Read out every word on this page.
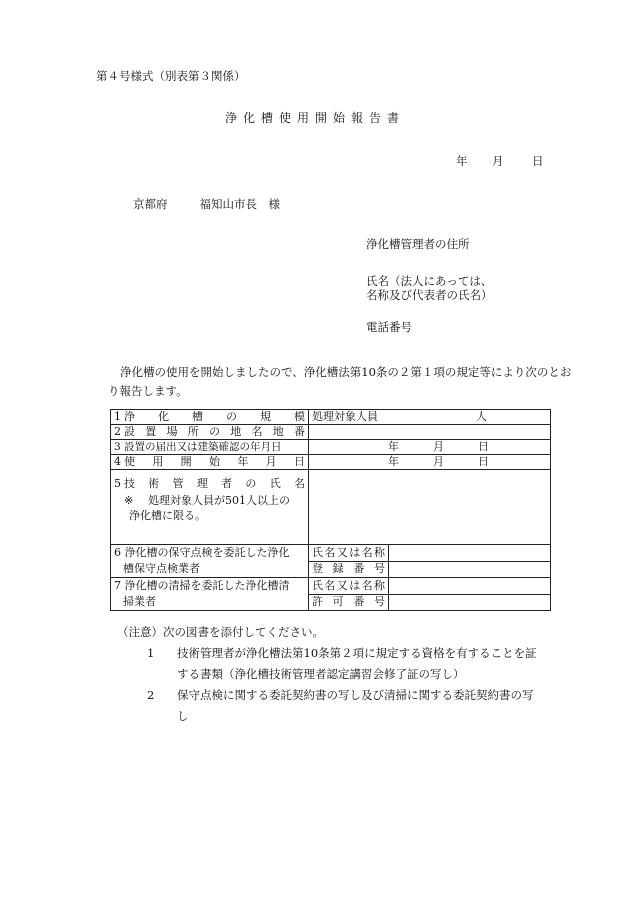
第４号様式（別表第３関係）
浄化槽使用開始報告書
年	月	日
京都府	福知山市長　様
浄化槽管理者の住所
氏名（法人にあっては、
名称及び代表者の氏名）
電話番号
浄化槽の使用を開始しましたので、浄化槽法第10条の２第１項の規定等により次のとおり報告します。
1 浄化槽の規模	処理対象人員 人	

2 設置場所の地名地番		

3 設置の届出又は建築確認の年月日	年 月 日	

4 使用開始年月日	年 月 日	

5 技術管理者の氏名
※ 処理対象人員が501人以上の
浄化槽に限る。		

6 浄化槽の保守点検を委託した浄化
槽保守点検業者	氏名又は名称	
	登録番号	

7 浄化槽の清掃を委託した浄化槽清
掃業者	氏名又は名称	
	許可番号	
（注意）次の図書を添付してください。
1	技術管理者が浄化槽法第10条第２項に規定する資格を有することを証する書類（浄化槽技術管理者認定講習会修了証の写し）
2	保守点検に関する委託契約書の写し及び清掃に関する委託契約書の写し
